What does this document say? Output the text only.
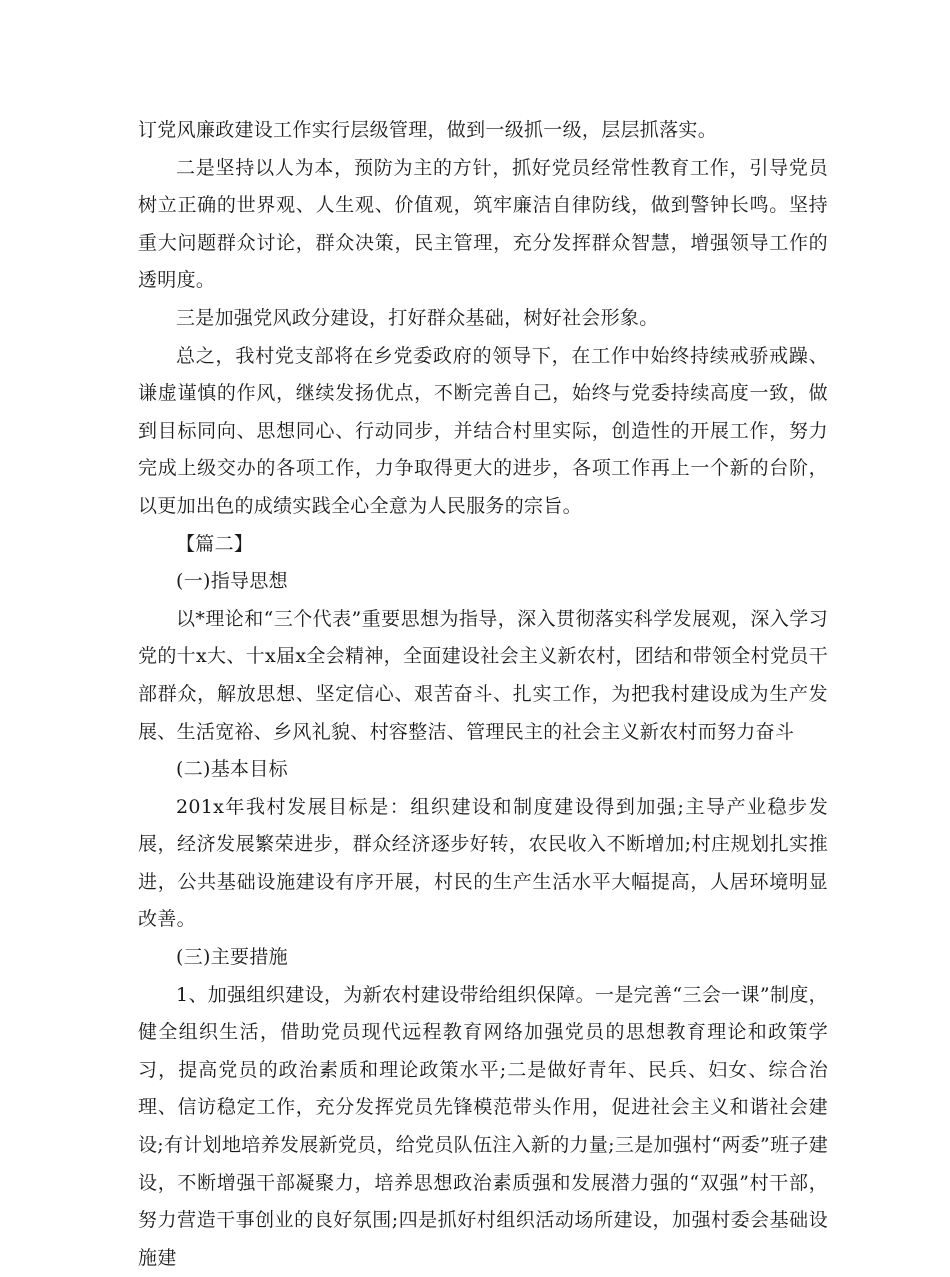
订党风廉政建设工作实行层级管理，做到一级抓一级，层层抓落实。

二是坚持以人为本，预防为主的方针，抓好党员经常性教育工作，引导党员树立正确的世界观、人生观、价值观，筑牢廉洁自律防线，做到警钟长鸣。坚持重大问题群众讨论，群众决策，民主管理，充分发挥群众智慧，增强领导工作的透明度。

三是加强党风政分建设，打好群众基础，树好社会形象。

总之，我村党支部将在乡党委政府的领导下，在工作中始终持续戒骄戒躁、谦虚谨慎的作风，继续发扬优点，不断完善自己，始终与党委持续高度一致，做到目标同向、思想同心、行动同步，并结合村里实际，创造性的开展工作，努力完成上级交办的各项工作，力争取得更大的进步，各项工作再上一个新的台阶，以更加出色的成绩实践全心全意为人民服务的宗旨。

【篇二】

(一)指导思想

以*理论和“三个代表”重要思想为指导，深入贯彻落实科学发展观，深入学习党的十x大、十x届x全会精神，全面建设社会主义新农村，团结和带领全村党员干部群众，解放思想、坚定信心、艰苦奋斗、扎实工作，为把我村建设成为生产发展、生活宽裕、乡风礼貌、村容整洁、管理民主的社会主义新农村而努力奋斗

(二)基本目标

201x年我村发展目标是：组织建设和制度建设得到加强;主导产业稳步发展，经济发展繁荣进步，群众经济逐步好转，农民收入不断增加;村庄规划扎实推进，公共基础设施建设有序开展，村民的生产生活水平大幅提高，人居环境明显改善。

(三)主要措施

1、加强组织建设，为新农村建设带给组织保障。一是完善“三会一课”制度，健全组织生活，借助党员现代远程教育网络加强党员的思想教育理论和政策学习，提高党员的政治素质和理论政策水平;二是做好青年、民兵、妇女、综合治理、信访稳定工作，充分发挥党员先锋模范带头作用，促进社会主义和谐社会建设;有计划地培养发展新党员，给党员队伍注入新的力量;三是加强村“两委”班子建设，不断增强干部凝聚力，培养思想政治素质强和发展潜力强的“双强”村干部，努力营造干事创业的良好氛围;四是抓好村组织活动场所建设，加强村委会基础设施建
